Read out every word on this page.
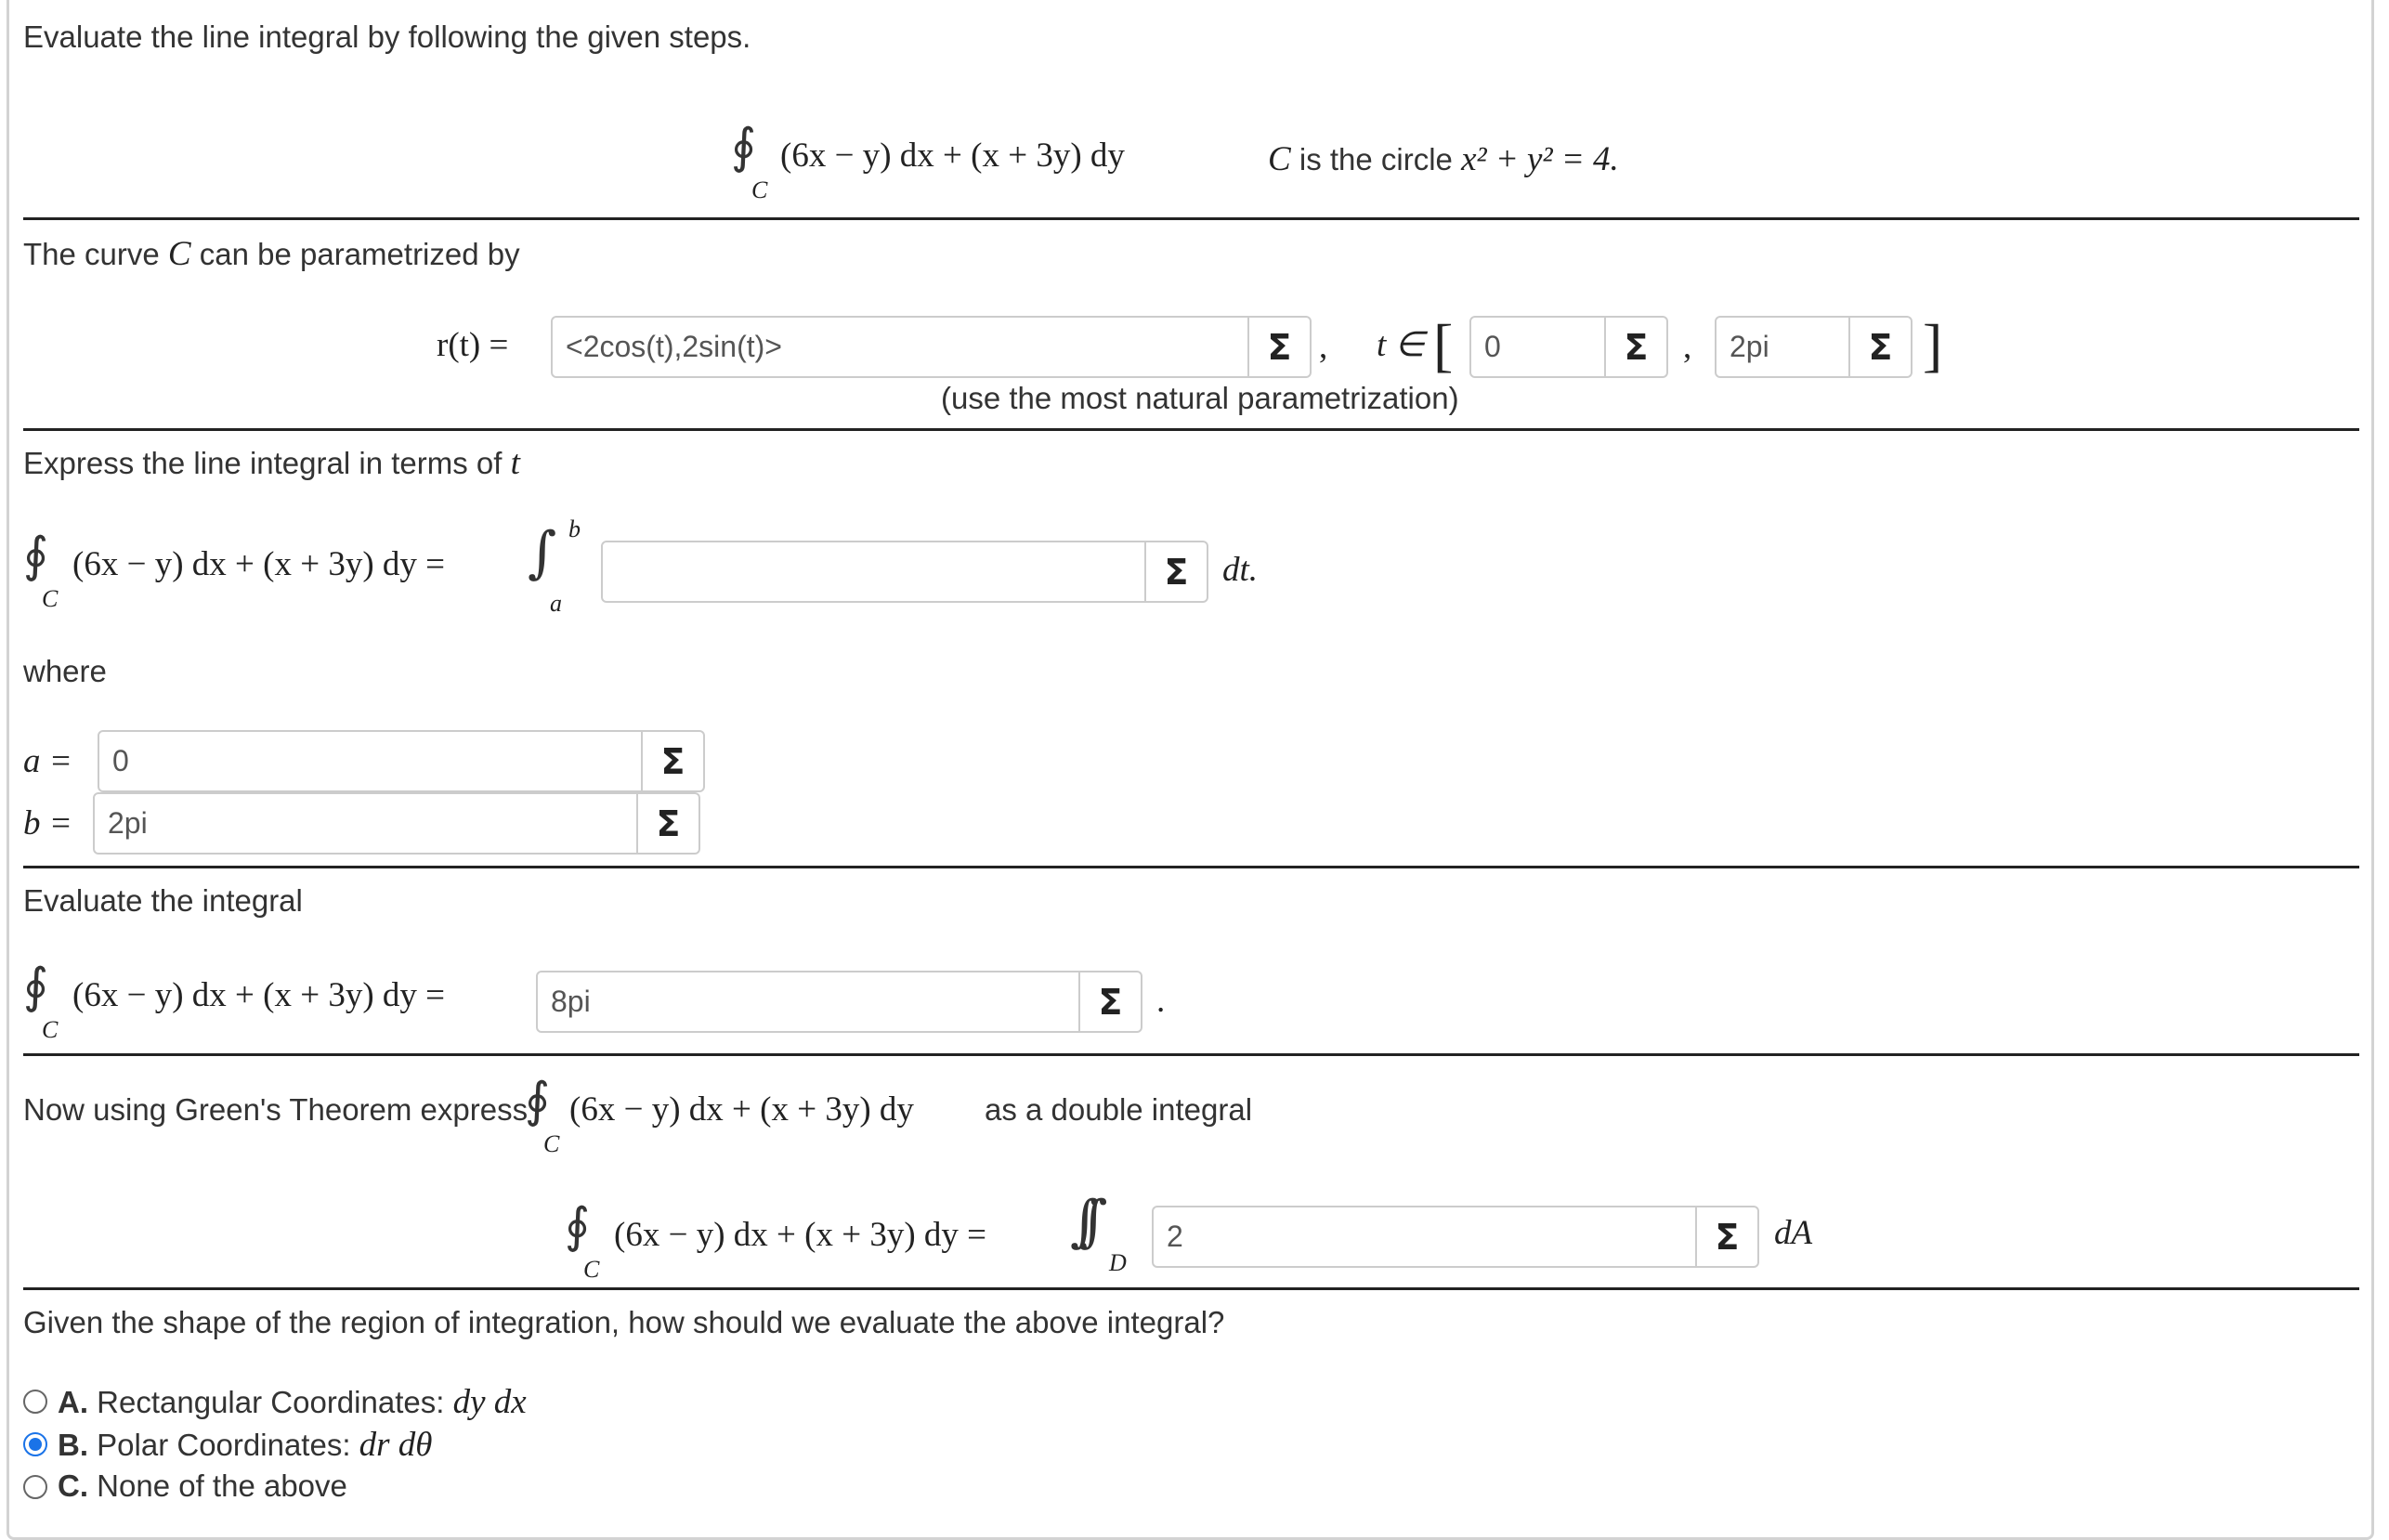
Evaluate the line integral by following the given steps.
∮
C
(6x − y) dx + (x + 3y) dy	C is the circle x² + y² = 4.
The curve C can be parametrized by
r(t) =
<2cos(t),2sin(t)>	Σ , t ∈ [
0	Σ	,
2pi	Σ ]
(use the most natural parametrization)
Express the line integral in terms of t
∮
C
(6x − y) dx + (x + 3y) dy = ∫ b
a
Σ dt.
where
a =
0	Σ
b =
2pi	Σ
Evaluate the integral
∮
C
(6x − y) dx + (x + 3y) dy =
8pi	Σ .
Now using Green's Theorem express
∮
C
(6x − y) dx + (x + 3y) dy as a double integral
∮
C
(6x − y) dx + (x + 3y) dy = ∫∫
D
2
Σ	dA
Given the shape of the region of integration, how should we evaluate the above integral?
A. Rectangular Coordinates: dy dx
B. Polar Coordinates: dr dθ
C. None of the above
